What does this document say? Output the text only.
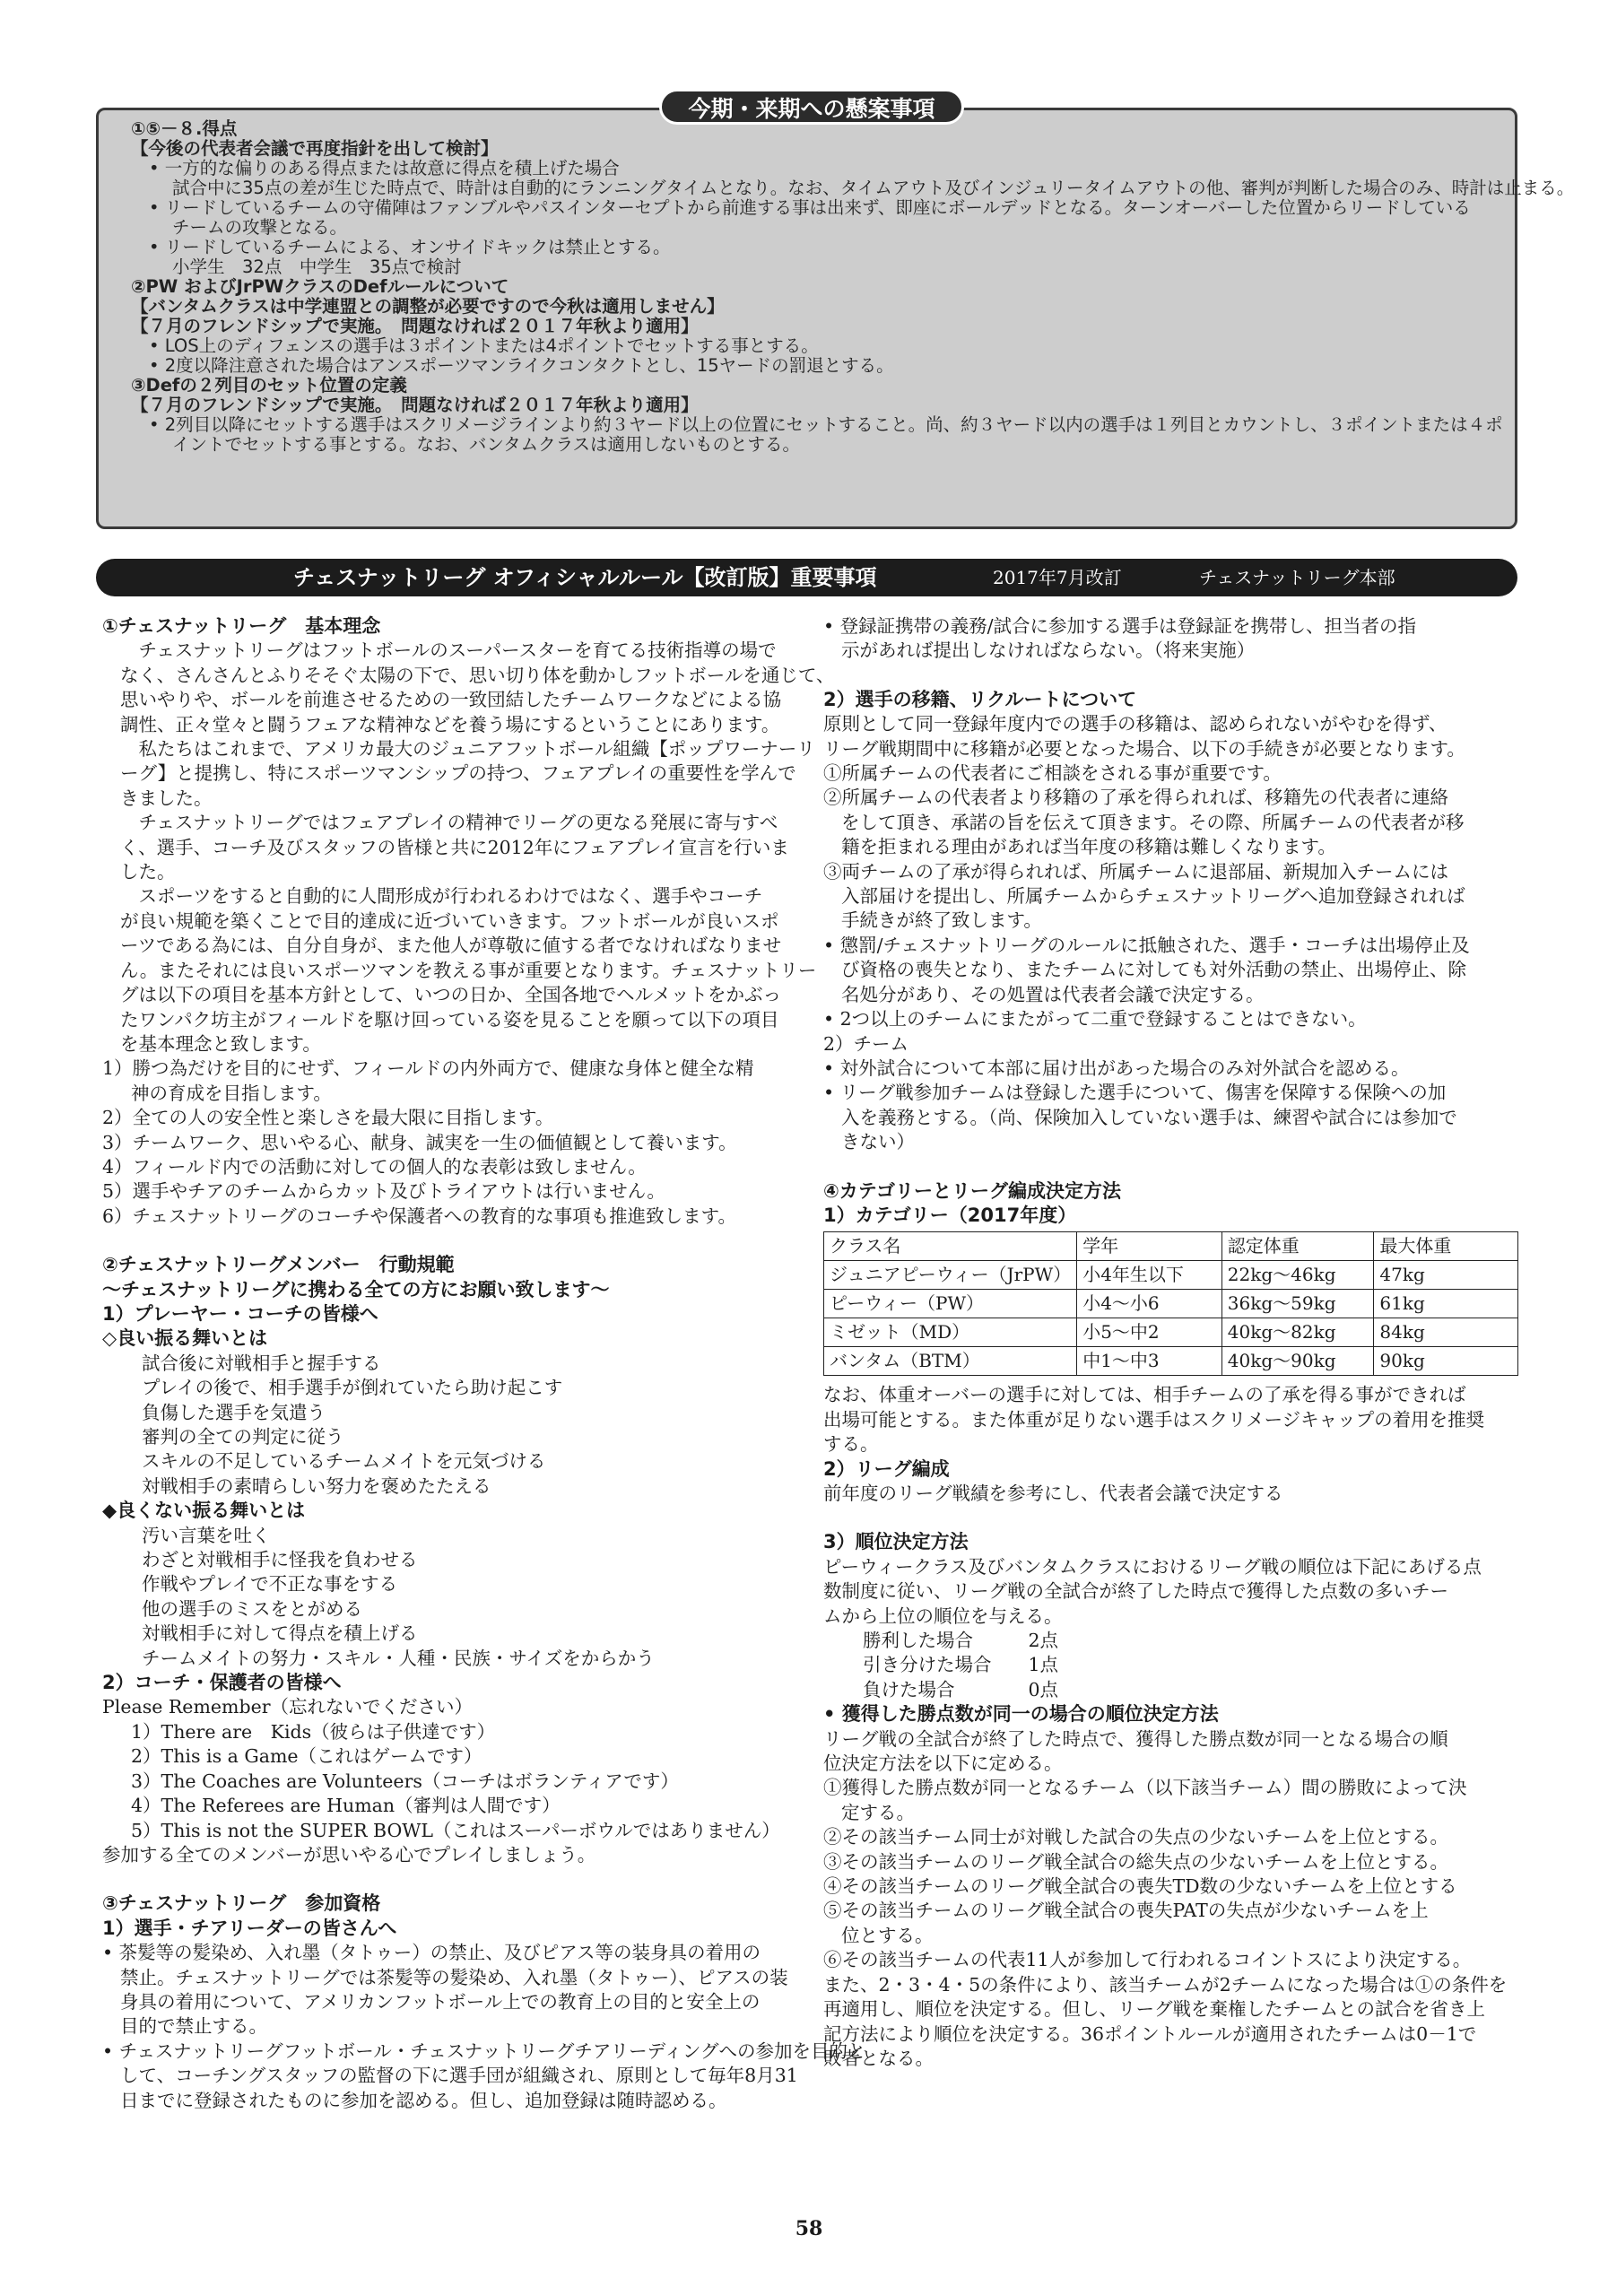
①⑤－８.得点
【今後の代表者会議で再度指針を出して検討】
• 一方的な偏りのある得点または故意に得点を積上げた場合
試合中に35点の差が生じた時点で、時計は自動的にランニングタイムとなり。なお、タイムアウト及びインジュリータイムアウトの他、審判が判断した場合のみ、時計は止まる。
• リードしているチームの守備陣はファンブルやパスインターセプトから前進する事は出来ず、即座にボールデッドとなる。ターンオーバーした位置からリードしている
チームの攻撃となる。
• リードしているチームによる、オンサイドキックは禁止とする。
小学生　32点　中学生　35点で検討
②PW およびJrPWクラスのDefルールについて
【バンタムクラスは中学連盟との調整が必要ですので今秋は適用しません】
【７月のフレンドシップで実施。　問題なければ２０１７年秋より適用】
• LOS上のディフェンスの選手は３ポイントまたは4ポイントでセットする事とする。
• 2度以降注意された場合はアンスポーツマンライクコンタクトとし、15ヤードの罰退とする。
③Defの２列目のセット位置の定義
【７月のフレンドシップで実施。　問題なければ２０１７年秋より適用】
• 2列目以降にセットする選手はスクリメージラインより約３ヤード以上の位置にセットすること。尚、約３ヤード以内の選手は１列目とカウントし、３ポイントまたは４ポ
イントでセットする事とする。なお、バンタムクラスは適用しないものとする。
今期・来期への懸案事項
チェスナットリーグ オフィシャルルール【改訂版】重要事項	2017年7月改訂	チェスナットリーグ本部
①チェスナットリーグ　基本理念
　チェスナットリーグはフットボールのスーパースターを育てる技術指導の場で
なく、さんさんとふりそそぐ太陽の下で、思い切り体を動かしフットボールを通じて、
思いやりや、ボールを前進させるための一致団結したチームワークなどによる協
調性、正々堂々と闘うフェアな精神などを養う場にするということにあります。
　私たちはこれまで、アメリカ最大のジュニアフットボール組織【ポップワーナーリ
ーグ】と提携し、特にスポーツマンシップの持つ、フェアプレイの重要性を学んで
きました。
　チェスナットリーグではフェアプレイの精神でリーグの更なる発展に寄与すべ
く、選手、コーチ及びスタッフの皆様と共に2012年にフェアプレイ宣言を行いま
した。
　スポーツをすると自動的に人間形成が行われるわけではなく、選手やコーチ
が良い規範を築くことで目的達成に近づいていきます。フットボールが良いスポ
ーツである為には、自分自身が、また他人が尊敬に値する者でなければなりませ
ん。またそれには良いスポーツマンを教える事が重要となります。チェスナットリー
グは以下の項目を基本方針として、いつの日か、全国各地でヘルメットをかぶっ
たワンパク坊主がフィールドを駆け回っている姿を見ることを願って以下の項目
を基本理念と致します。
1）勝つ為だけを目的にせず、フィールドの内外両方で、健康な身体と健全な精
神の育成を目指します。
2）全ての人の安全性と楽しさを最大限に目指します。
3）チームワーク、思いやる心、献身、誠実を一生の価値観として養います。
4）フィールド内での活動に対しての個人的な表彰は致しません。
5）選手やチアのチームからカット及びトライアウトは行いません。
6）チェスナットリーグのコーチや保護者への教育的な事項も推進致します。
②チェスナットリーグメンバー　行動規範
～チェスナットリーグに携わる全ての方にお願い致します～
1）プレーヤー・コーチの皆様へ
◇良い振る舞いとは
試合後に対戦相手と握手する
プレイの後で、相手選手が倒れていたら助け起こす
負傷した選手を気遣う
審判の全ての判定に従う
スキルの不足しているチームメイトを元気づける
対戦相手の素晴らしい努力を褒めたたえる
◆良くない振る舞いとは
汚い言葉を吐く
わざと対戦相手に怪我を負わせる
作戦やプレイで不正な事をする
他の選手のミスをとがめる
対戦相手に対して得点を積上げる
チームメイトの努力・スキル・人種・民族・サイズをからかう
2）コーチ・保護者の皆様へ
Please Remember（忘れないでください）
1）There are　Kids（彼らは子供達です）
2）This is a Game（これはゲームです）
3）The Coaches are Volunteers（コーチはボランティアです）
4）The Referees are Human（審判は人間です）
5）This is not the SUPER BOWL（これはスーパーボウルではありません）
参加する全てのメンバーが思いやる心でプレイしましょう。
③チェスナットリーグ　参加資格
1）選手・チアリーダーの皆さんへ
• 茶髪等の髪染め、入れ墨（タトゥー）の禁止、及びピアス等の装身具の着用の
禁止。チェスナットリーグでは茶髪等の髪染め、入れ墨（タトゥー）、ピアスの装
身具の着用について、アメリカンフットボール上での教育上の目的と安全上の
目的で禁止する。
• チェスナットリーグフットボール・チェスナットリーグチアリーディングへの参加を目的と
して、コーチングスタッフの監督の下に選手団が組織され、原則として毎年8月31
日までに登録されたものに参加を認める。但し、追加登録は随時認める。
• 登録証携帯の義務/試合に参加する選手は登録証を携帯し、担当者の指
示があれば提出しなければならない。（将来実施）
2）選手の移籍、リクルートについて
原則として同一登録年度内での選手の移籍は、認められないがやむを得ず、
リーグ戦期間中に移籍が必要となった場合、以下の手続きが必要となります。
①所属チームの代表者にご相談をされる事が重要です。
②所属チームの代表者より移籍の了承を得られれば、移籍先の代表者に連絡
をして頂き、承諾の旨を伝えて頂きます。その際、所属チームの代表者が移
籍を拒まれる理由があれば当年度の移籍は難しくなります。
③両チームの了承が得られれば、所属チームに退部届、新規加入チームには
入部届けを提出し、所属チームからチェスナットリーグへ追加登録されれば
手続きが終了致します。
• 懲罰/チェスナットリーグのルールに抵触された、選手・コーチは出場停止及
び資格の喪失となり、またチームに対しても対外活動の禁止、出場停止、除
名処分があり、その処置は代表者会議で決定する。
• 2つ以上のチームにまたがって二重で登録することはできない。
2）チーム
• 対外試合について本部に届け出があった場合のみ対外試合を認める。
• リーグ戦参加チームは登録した選手について、傷害を保障する保険への加
入を義務とする。（尚、保険加入していない選手は、練習や試合には参加で
きない）
④カテゴリーとリーグ編成決定方法
1）カテゴリー（2017年度）
クラス名	学年	認定体重	最大体重
ジュニアピーウィー（JrPW）	小4年生以下	22kg～46kg	47kg
ピーウィー（PW）	小4～小6	36kg～59kg	61kg
ミゼット（MD）	小5～中2	40kg～82kg	84kg
バンタム（BTM）	中1～中3	40kg～90kg	90kg
なお、体重オーバーの選手に対しては、相手チームの了承を得る事ができれば
出場可能とする。また体重が足りない選手はスクリメージキャップの着用を推奨
する。
2）リーグ編成
前年度のリーグ戦績を参考にし、代表者会議で決定する
3）順位決定方法
ピーウィークラス及びバンタムクラスにおけるリーグ戦の順位は下記にあげる点
数制度に従い、リーグ戦の全試合が終了した時点で獲得した点数の多いチー
ムから上位の順位を与える。
勝利した場合　　　2点
引き分けた場合　　1点
負けた場合　　　　0点
• 獲得した勝点数が同一の場合の順位決定方法
リーグ戦の全試合が終了した時点で、獲得した勝点数が同一となる場合の順
位決定方法を以下に定める。
①獲得した勝点数が同一となるチーム（以下該当チーム）間の勝敗によって決
定する。
②その該当チーム同士が対戦した試合の失点の少ないチームを上位とする。
③その該当チームのリーグ戦全試合の総失点の少ないチームを上位とする。
④その該当チームのリーグ戦全試合の喪失TD数の少ないチームを上位とする
⑤その該当チームのリーグ戦全試合の喪失PATの失点が少ないチームを上
位とする。
⑥その該当チームの代表11人が参加して行われるコイントスにより決定する。
また、2・3・4・5の条件により、該当チームが2チームになった場合は①の条件を
再適用し、順位を決定する。但し、リーグ戦を棄権したチームとの試合を省き上
記方法により順位を決定する。36ポイントルールが適用されたチームは0－1で
敗者となる。
58
